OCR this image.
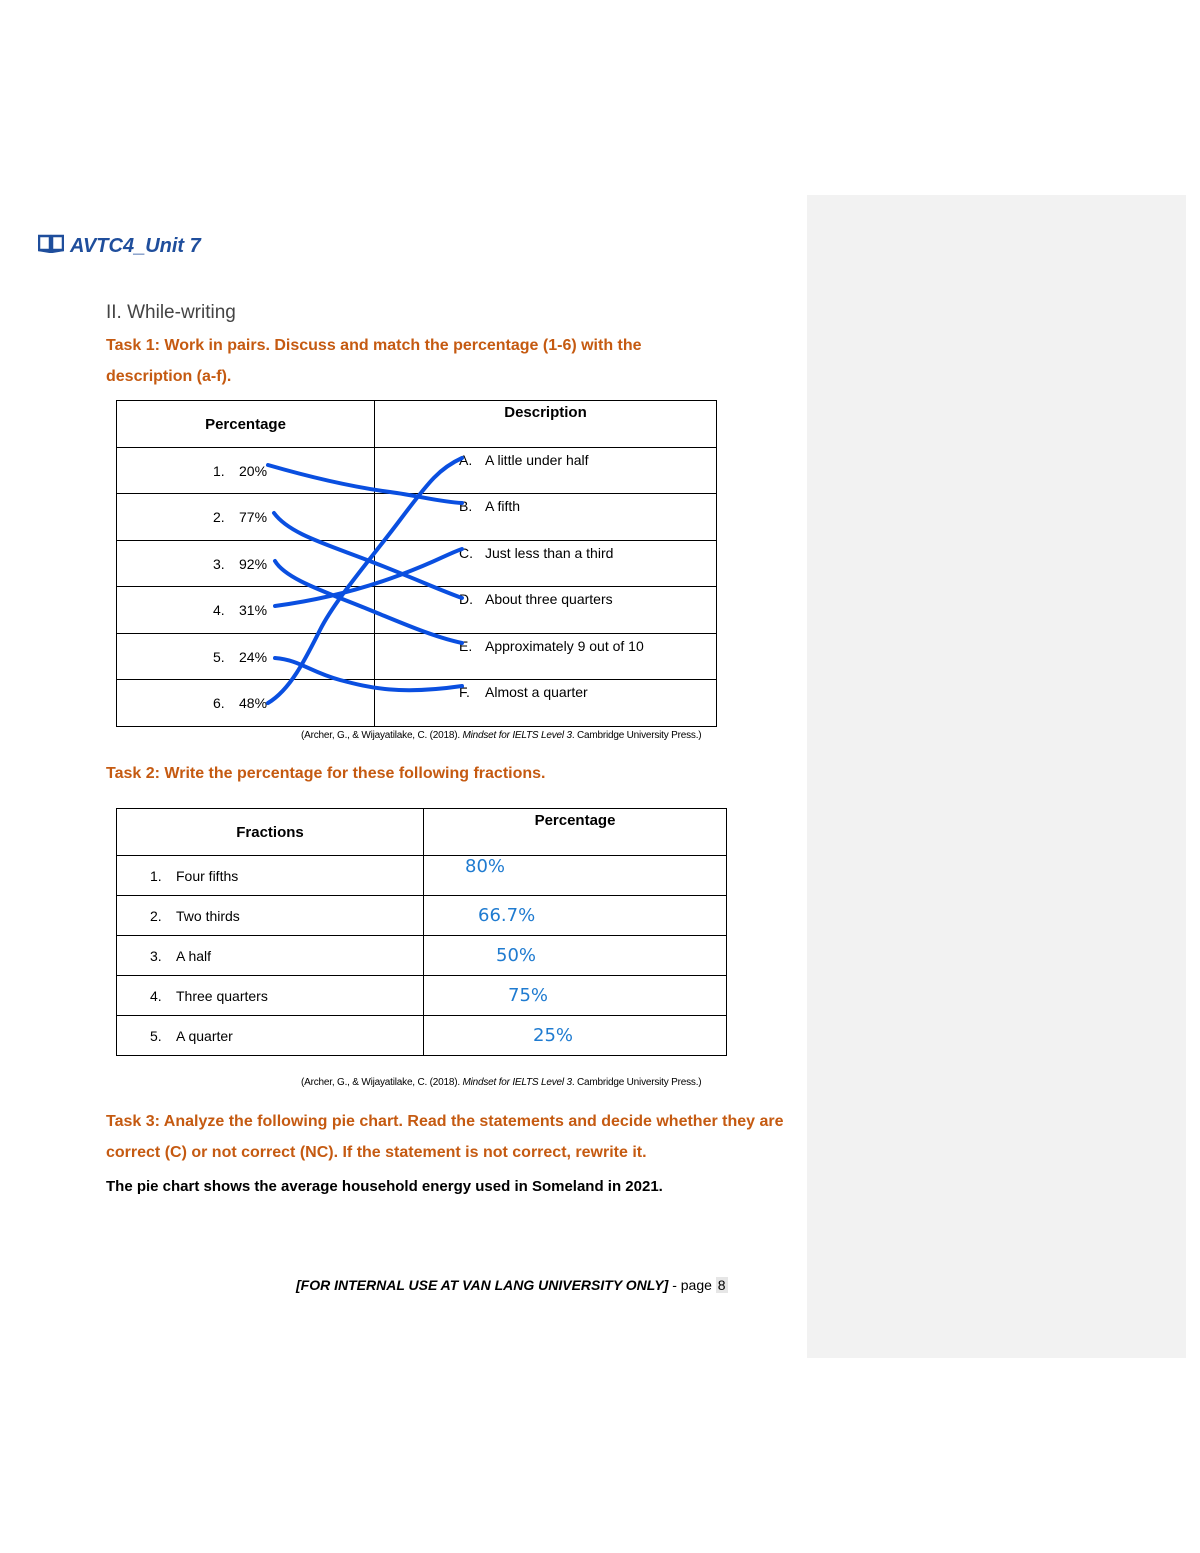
AVTC4_Unit 7
II. While-writing
Task 1: Work in pairs. Discuss and match the percentage (1-6) with the description (a-f).
Percentage	Description
1. 20%	A. A little under half
2. 77%	B. A fifth
3. 92%	C. Just less than a third
4. 31%	D. About three quarters
5. 24%	E. Approximately 9 out of 10
6. 48%	F. Almost a quarter
(Archer, G., & Wijayatilake, C. (2018). Mindset for IELTS Level 3. Cambridge University Press.)
Task 2: Write the percentage for these following fractions.
Fractions	Percentage
1. Four fifths	80%
2. Two thirds	66.7%
3. A half	50%
4. Three quarters	75%
5. A quarter	25%
(Archer, G., & Wijayatilake, C. (2018). Mindset for IELTS Level 3. Cambridge University Press.)
Task 3: Analyze the following pie chart. Read the statements and decide whether they are correct (C) or not correct (NC). If the statement is not correct, rewrite it.
The pie chart shows the average household energy used in Someland in 2021.
[FOR INTERNAL USE AT VAN LANG UNIVERSITY ONLY] - page 8
